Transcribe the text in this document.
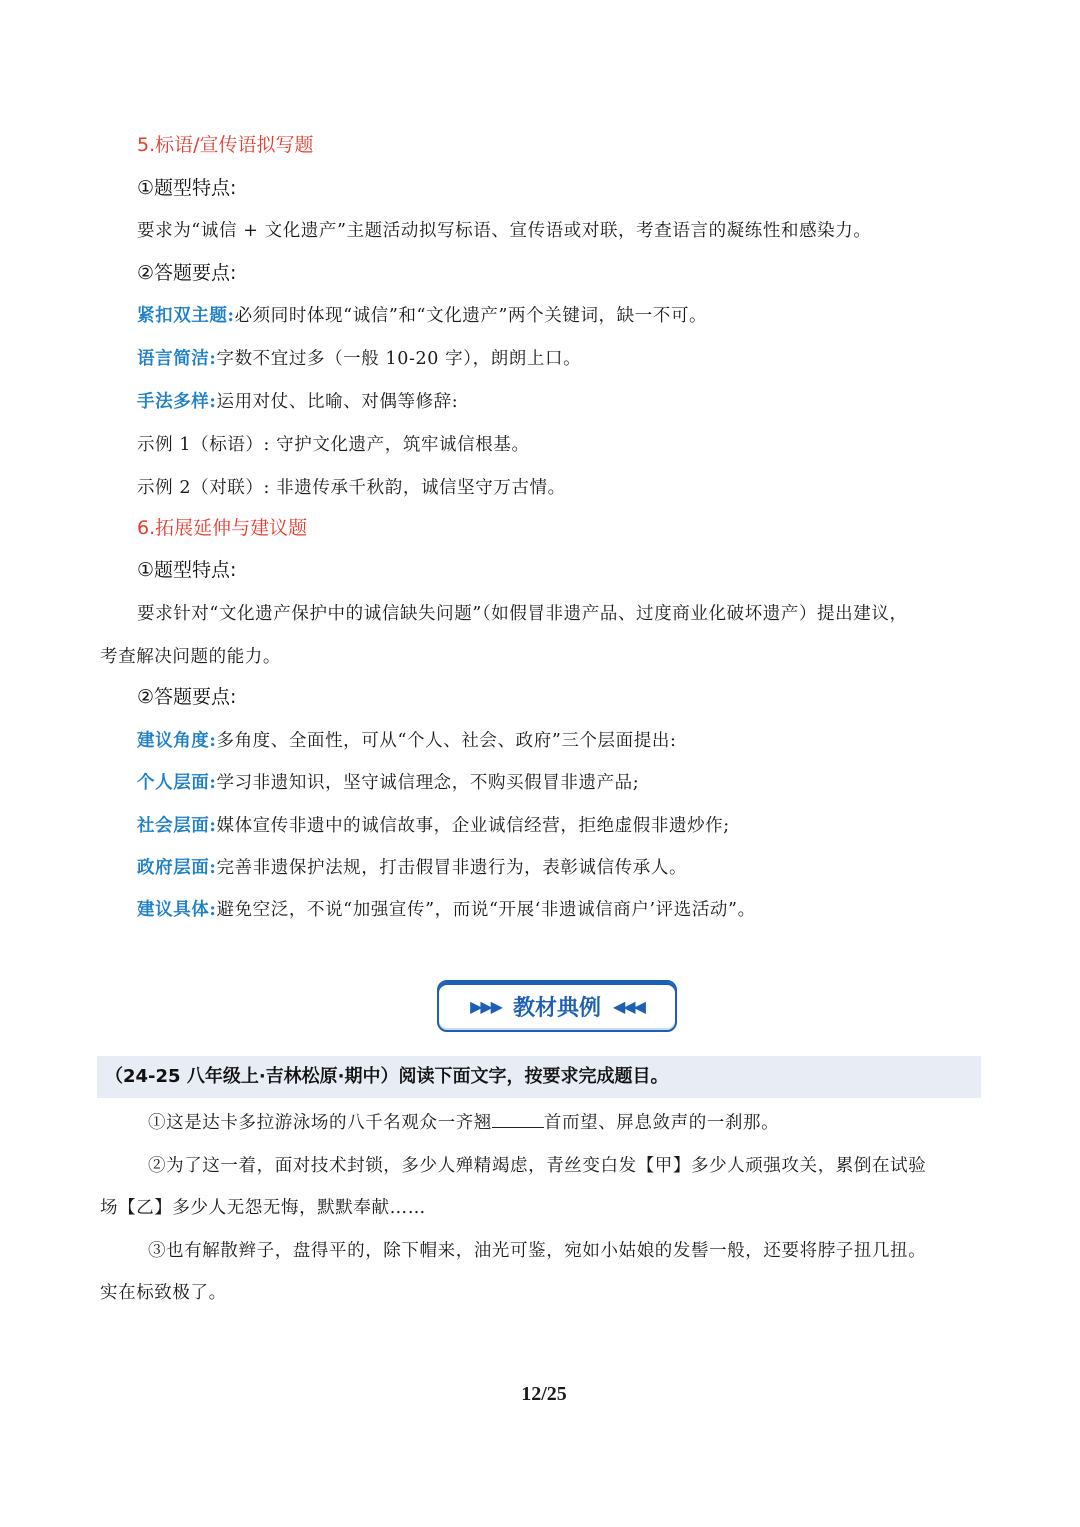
5.标语/宣传语拟写题
①题型特点:
要求为“诚信 + 文化遗产”主题活动拟写标语、宣传语或对联，考查语言的凝练性和感染力。
②答题要点:
紧扣双主题:必须同时体现“诚信”和“文化遗产”两个关键词，缺一不可。
语言简洁:字数不宜过多（一般 10-20 字），朗朗上口。
手法多样:运用对仗、比喻、对偶等修辞:
示例 1（标语）: 守护文化遗产，筑牢诚信根基。
示例 2（对联）: 非遗传承千秋韵，诚信坚守万古情。
6.拓展延伸与建议题
①题型特点:
要求针对“文化遗产保护中的诚信缺失问题”（如假冒非遗产品、过度商业化破坏遗产）提出建议，
考查解决问题的能力。
②答题要点:
建议角度:多角度、全面性，可从“个人、社会、政府”三个层面提出:
个人层面:学习非遗知识，坚守诚信理念，不购买假冒非遗产品;
社会层面:媒体宣传非遗中的诚信故事，企业诚信经营，拒绝虚假非遗炒作;
政府层面:完善非遗保护法规，打击假冒非遗行为，表彰诚信传承人。
建议具体:避免空泛，不说“加强宣传”，而说“开展‘非遗诚信商户’评选活动”。
▶▶▶ 教材典例 ◀◀◀
（24-25 八年级上·吉林松原·期中）阅读下面文字，按要求完成题目。
①这是达卡多拉游泳场的八千名观众一齐翘	首而望、屏息敛声的一刹那。
②为了这一着，面对技术封锁，多少人殚精竭虑，青丝变白发【甲】多少人顽强攻关，累倒在试验
场【乙】多少人无怨无悔，默默奉献……
③也有解散辫子，盘得平的，除下帽来，油光可鉴，宛如小姑娘的发髻一般，还要将脖子扭几扭。
实在标致极了。
12/25
